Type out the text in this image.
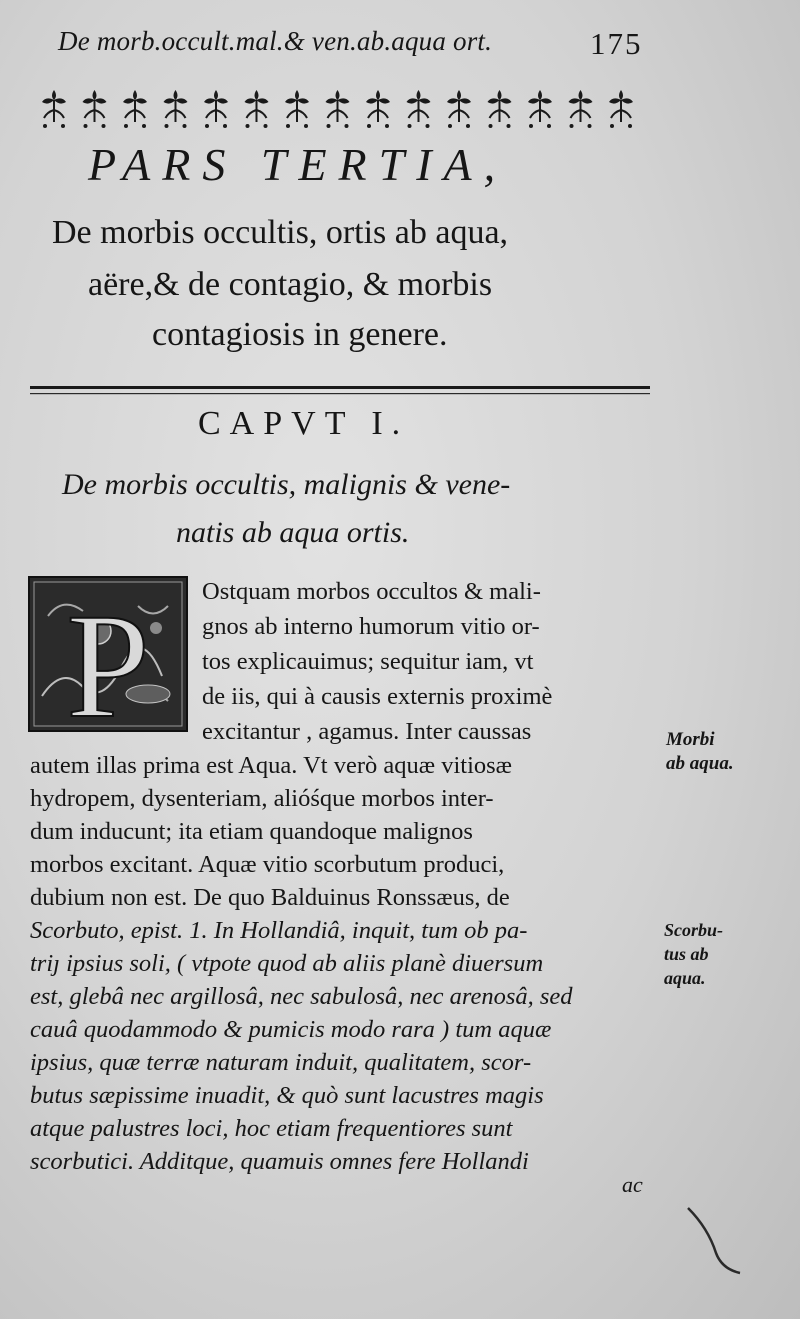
De morb.occult.mal.& ven.ab.aqua ort.	175
PARS TERTIA,
De morbis occultis, ortis ab aqua,
aëre,& de contagio, & morbis
contagiosis in genere.
CAPVT I.
De morbis occultis, malignis & vene-
natis ab aqua ortis.
P Ostquam morbos occultos & mali-
gnos ab interno humorum vitio or-
tos explicauimus; sequitur iam, vt
de iis, qui à causis externis proximè
excitantur , agamus. Inter caussas
autem illas prima est Aqua. Vt verò aquæ vitiosæ
hydropem, dysenteriam, alióśque morbos inter-
dum inducunt; ita etiam quandoque malignos
morbos excitant. Aquæ vitio scorbutum produci,
dubium non est. De quo Balduinus Ronssæus, de
Scorbuto, epist. 1. In Hollandiâ, inquit, tum ob pa-
triȷ ipsius soli, ( vtpote quod ab aliis planè diuersum
est, glebâ nec argillosâ, nec sabulosâ, nec arenosâ, sed
cauâ quodammodo & pumicis modo rara ) tum aquæ
ipsius, quæ terræ naturam induit, qualitatem, scor-
butus sæpissime inuadit, & quò sunt lacustres magis
atque palustres loci, hoc etiam frequentiores sunt
scorbutici. Additque, quamuis omnes fere Hollandi
Morbi
ab aqua.
Scorbu-
tus ab
aqua.
ac
